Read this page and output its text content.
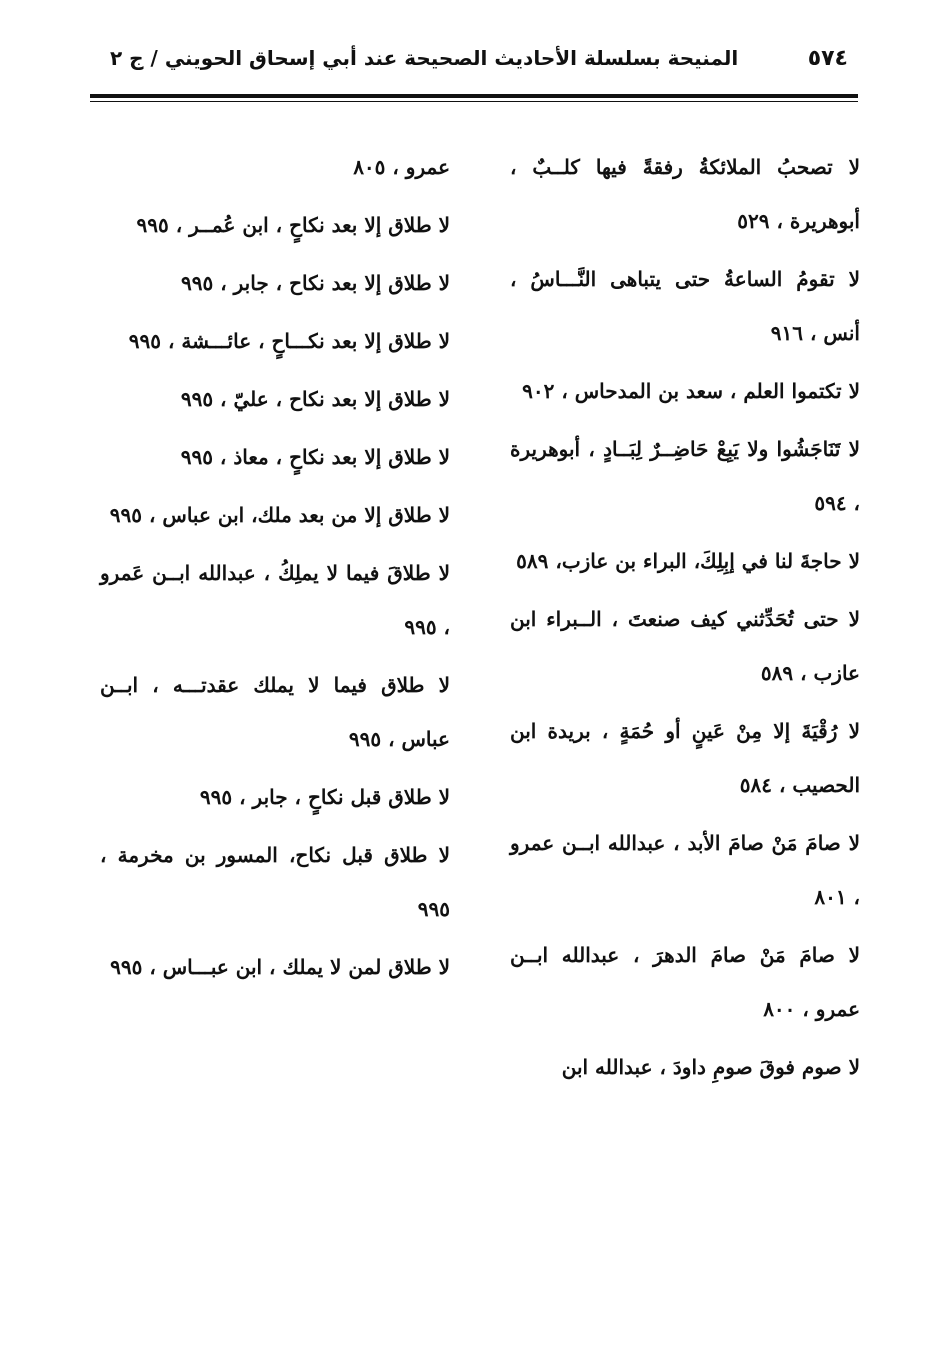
٥٧٤
المنيحة بسلسلة الأحاديث الصحيحة عند أبي إسحاق الحويني / ج ٢

لا تصحبُ الملائكةُ رفقةً فيها كلــبٌ ، أبوهريرة ، ٥٢٩

لا تقومُ الساعةُ حتى يتباهى النَّـــاسُ ، أنس ، ٩١٦

لا تكتموا العلم ، سعد بن المدحاس ، ٩٠٢

لا تَنَاجَشُوا ولا يَبِعْ حَاضِــرٌ لِبَــادٍ ، أبوهريرة ، ٥٩٤

لا حاجةَ لنا في إبِلِكَ، البراء بن عازب، ٥٨٩

لا حتى تُحَدِّثني كيف صنعتَ ، الــبراء ابن عازب ، ٥٨٩

لا رُقْيَةَ إلا مِنْ عَينٍ أو حُمَةٍ ، بريدة ابن الحصيب ، ٥٨٤

لا صامَ مَنْ صامَ الأبد ، عبدالله ابــن عمرو ، ٨٠١

لا صامَ مَنْ صامَ الدهرَ ، عبدالله ابــن عمرو ، ٨٠٠

لا صوم فوقَ صومِ داودَ ، عبدالله ابن

عمرو ، ٨٠٥

لا طلاق إلا بعد نكاحٍ ، ابن عُمــر ، ٩٩٥

لا طلاق إلا بعد نكاح ، جابر ، ٩٩٥

لا طلاق إلا بعد نكـــاحٍ ، عائـــشة ، ٩٩٥

لا طلاق إلا بعد نكاح ، عليّ ، ٩٩٥

لا طلاق إلا بعد نكاحٍ ، معاذ ، ٩٩٥

لا طلاق إلا من بعد ملك، ابن عباس ، ٩٩٥

لا طلاقَ فيما لا يملِكُ ، عبدالله ابــن عَمرو ، ٩٩٥

لا طلاق فيما لا يملك عقدتـــه ، ابــن عباس ، ٩٩٥

لا طلاق قبل نكاحٍ ، جابر ، ٩٩٥

لا طلاق قبل نكاح، المسور بن مخرمة ، ٩٩٥

لا طلاق لمن لا يملك ، ابن عبـــاس ، ٩٩٥
